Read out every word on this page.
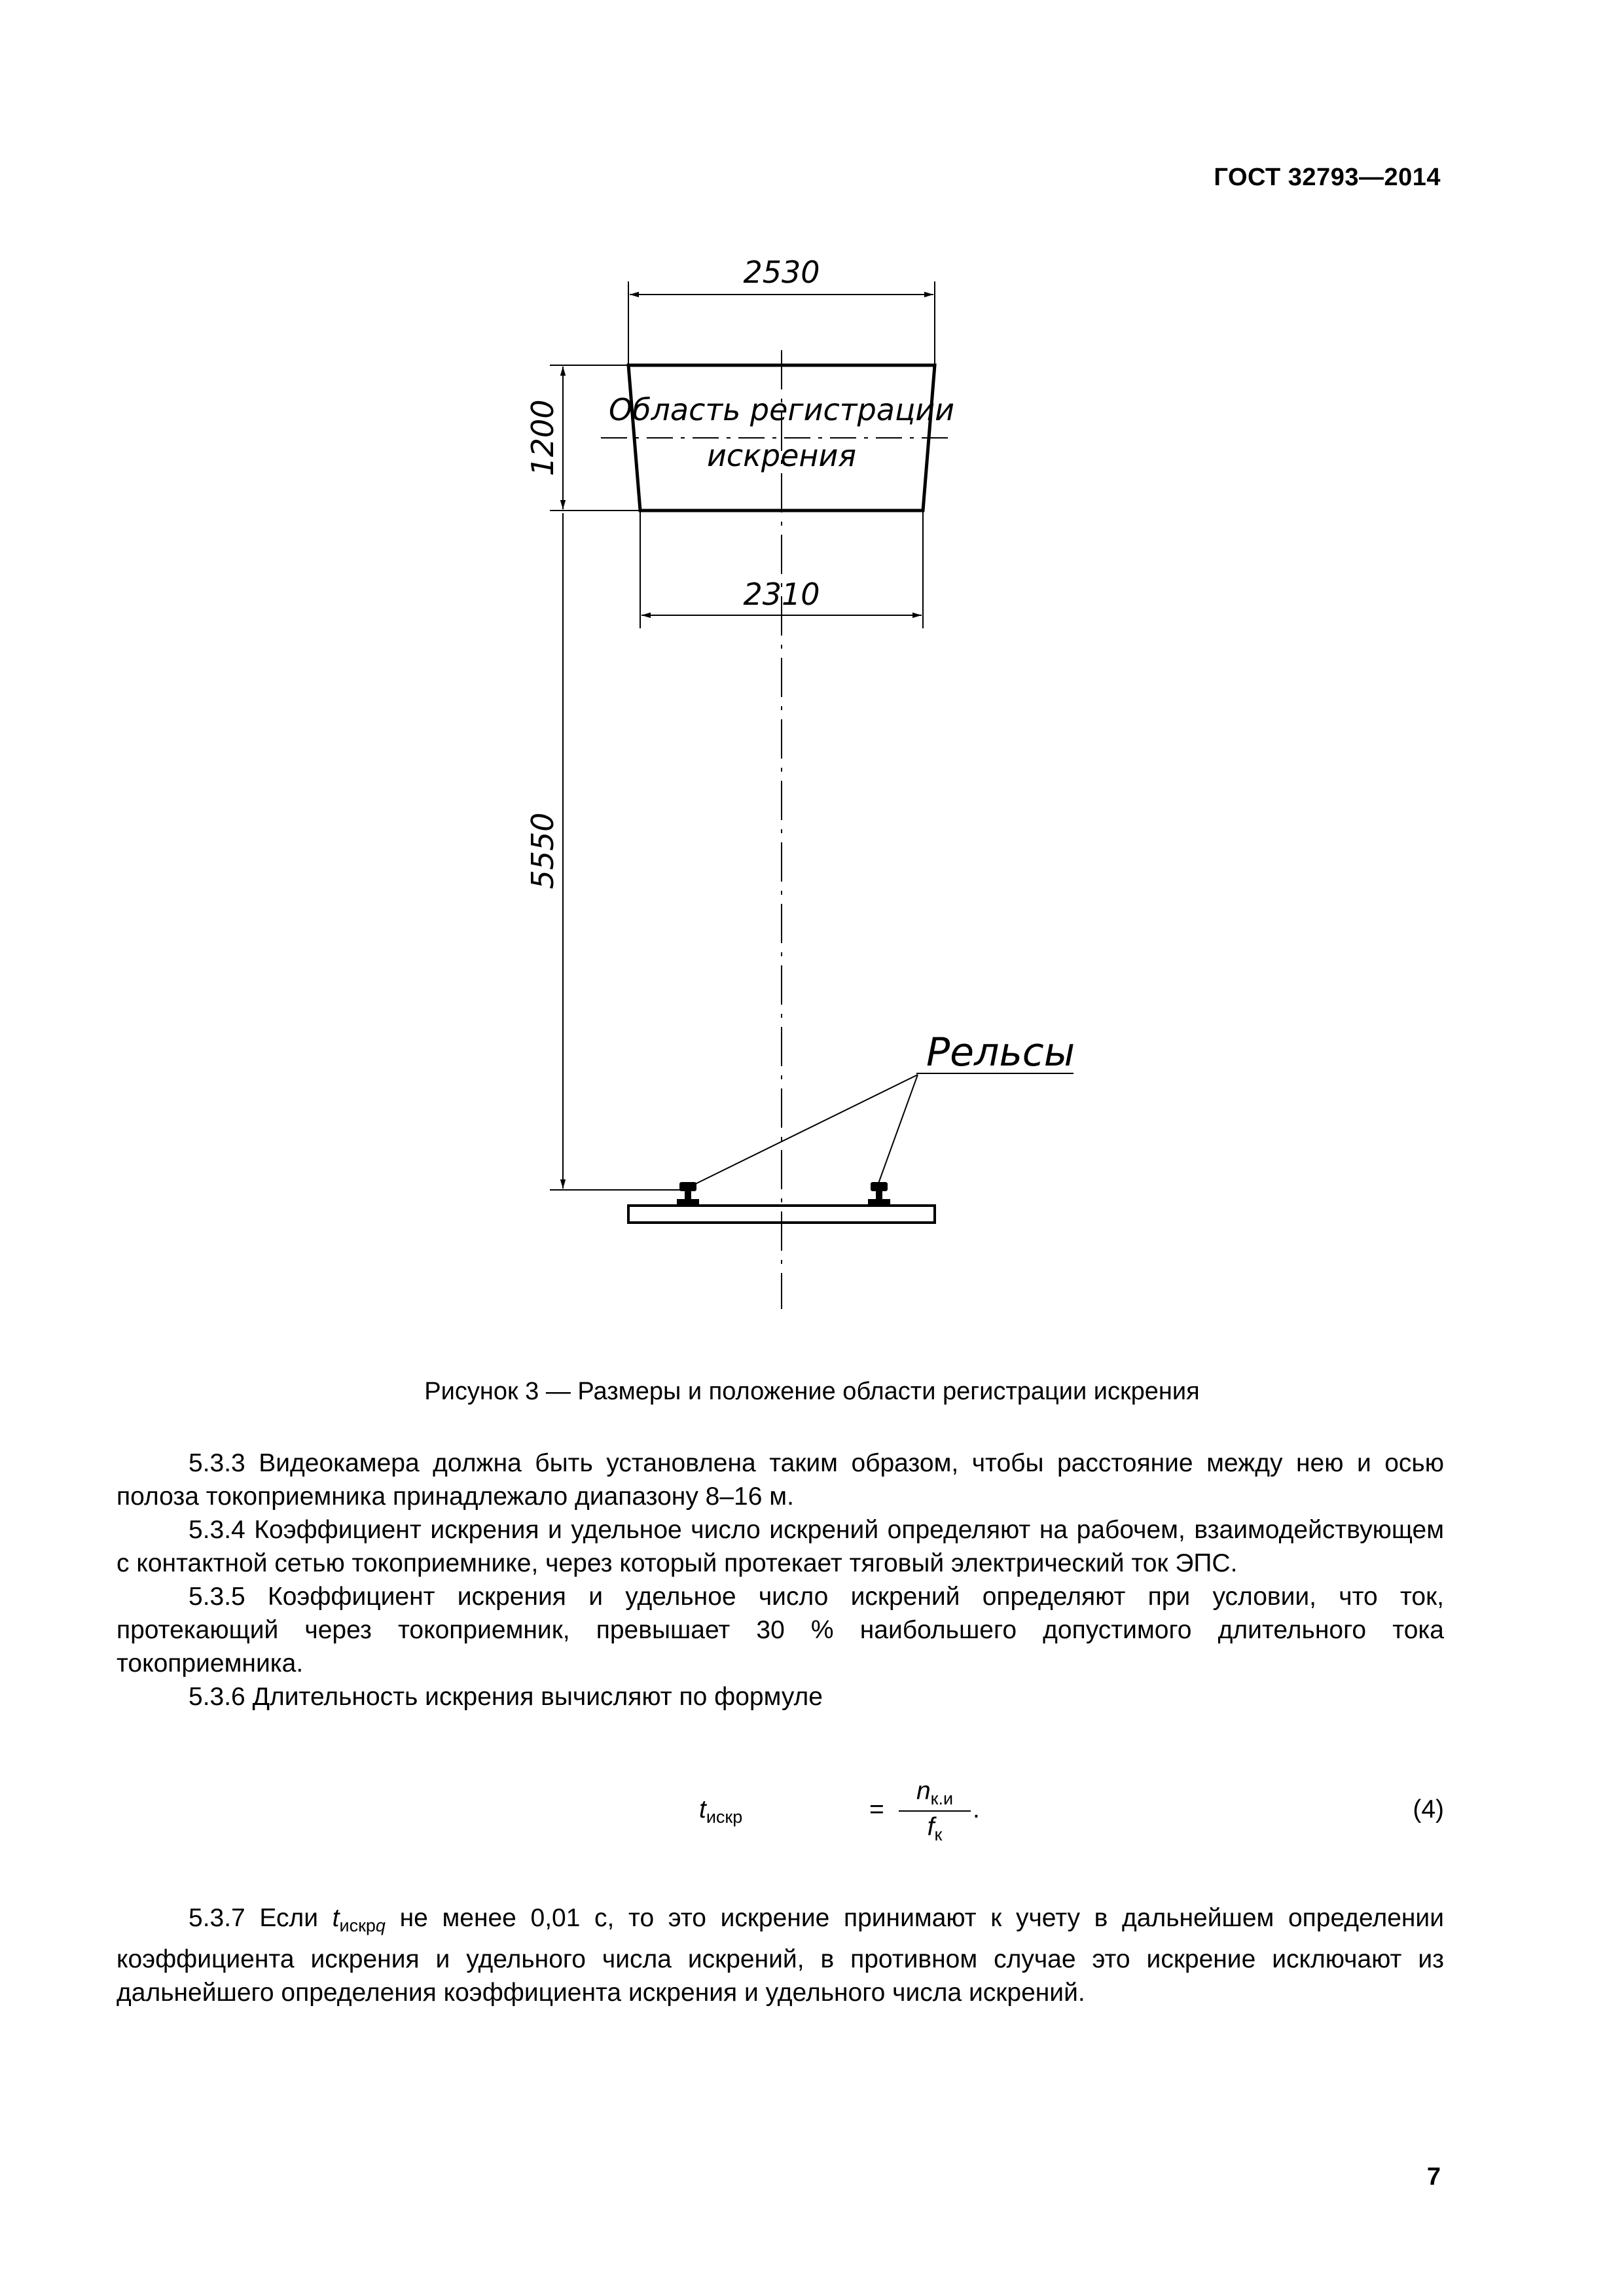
ГОСТ 32793—2014
2530
Область регистрации
искрения
1200
2310
5550
Рельсы
Рисунок 3 — Размеры и положение области регистрации искрения

5.3.3 Видеокамера должна быть установлена таким образом, чтобы расстояние между нею и осью полоза токоприемника принадлежало диапазону 8–16 м.

5.3.4 Коэффициент искрения и удельное число искрений определяют на рабочем, взаимодействующем с контактной сетью токоприемнике, через который протекает тяговый электрический ток ЭПС.

5.3.5 Коэффициент искрения и удельное число искрений определяют при условии, что ток, протекающий через токоприемник, превышает 30 % наибольшего допустимого длительного тока токоприемника.

5.3.6 Длительность искрения вычисляют по формуле

$t_{искр}$	=
$n_{к.и}$
$f_к$
.	(4)

5.3.7 Если $t_{искрq}$ не менее 0,01 с, то это искрение принимают к учету в дальнейшем определении коэффициента искрения и удельного числа искрений, в противном случае это искрение исключают из дальнейшего определения коэффициента искрения и удельного числа искрений.

7
